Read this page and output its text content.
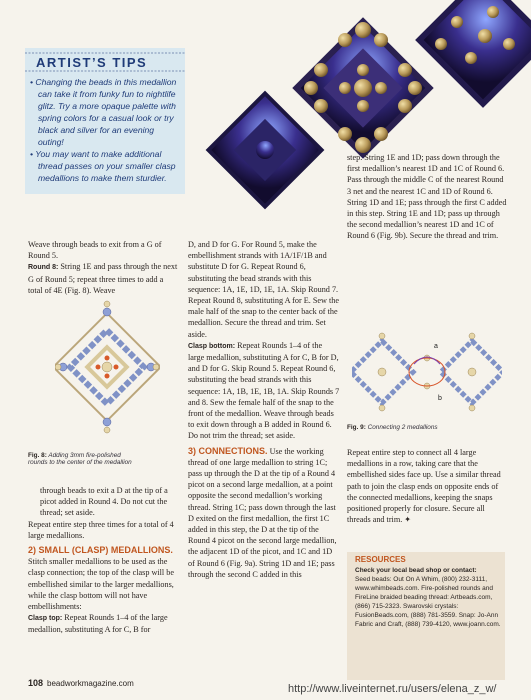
ARTIST’S TIPS

• Changing the beads in this medallion can take it from funky fun to nightlife glitz. Try a more opaque palette with spring colors for a casual look or try black and silver for an evening outing!

• You may want to make additional thread passes on your smaller clasp medallions to make them sturdier.

Weave through beads to exit from a G of Round 5.

Round 8: String 1E and pass through the next G of Round 5; repeat three times to add a total of 4E (Fig. 8). Weave

Fig. 8: Adding 3mm fire-polished rounds to the center of the medallion

through beads to exit a D at the tip of a picot added in Round 4. Do not cut the thread; set aside.

Repeat entire step three times for a total of 4 large medallions.

2) SMALL (CLASP) MEDALLIONS.

Stitch smaller medallions to be used as the clasp connection; the top of the clasp will be embellished similar to the larger medallions, while the clasp bottom will not have embellishments:

Clasp top: Repeat Rounds 1–4 of the large medallion, substituting A for C, B for

D, and D for G. For Round 5, make the embellishment strands with 1A/1F/1B and substitute D for G. Repeat Round 6, substituting the bead strands with this sequence: 1A, 1E, 1D, 1E, 1A. Skip Round 7. Repeat Round 8, substituting A for E. Sew the male half of the snap to the center back of the medallion. Secure the thread and trim. Set aside.

Clasp bottom: Repeat Rounds 1–4 of the large medallion, substituting A for C, B for D, and D for G. Skip Round 5. Repeat Round 6, substituting the bead strands with this sequence: 1A, 1B, 1E, 1B, 1A. Skip Rounds 7 and 8. Sew the female half of the snap to the front of the medallion. Weave through beads to exit down through a B added in Round 6. Do not trim the thread; set aside.

3) CONNECTIONS. Use the working thread of one large medallion to string 1C; pass up through the D at the tip of a Round 4 picot on a second large medallion, at a point opposite the second medallion’s working thread. String 1C; pass down through the last D exited on the first medallion, the first 1C added in this step, the D at the tip of the Round 4 picot on the second large medallion, the adjacent 1D of the picot, and 1C and 1D of Round 6 (Fig. 9a). String 1D and 1E; pass through the second C added in this

step. String 1E and 1D; pass down through the first medallion’s nearest 1D and 1C of Round 6. Pass through the middle C of the nearest Round 3 net and the nearest 1C and 1D of Round 6. String 1D and 1E; pass through the first C added in this step. String 1E and 1D; pass up through the second medallion’s nearest 1D and 1C of Round 6 (Fig. 9b). Secure the thread and trim.

a
b
Fig. 9: Connecting 2 medallions

Repeat entire step to connect all 4 large medallions in a row, taking care that the embellished sides face up. Use a similar thread path to join the clasp ends on opposite ends of the connected medallions, keeping the snaps positioned properly for closure. Secure all threads and trim. ✦

RESOURCES

Check your local bead shop or contact:

Seed beads: Out On A Whim, (800) 232-3111, www.whimbeads.com. Fire-polished rounds and FireLine braided beading thread: Artbeads.com, (866) 715-2323. Swarovski crystals: FusionBeads.com, (888) 781-3559. Snap: Jo-Ann Fabric and Craft, (888) 739-4120, www.joann.com.

108 beadworkmagazine.com	http://www.liveinternet.ru/users/elena_z_w/
